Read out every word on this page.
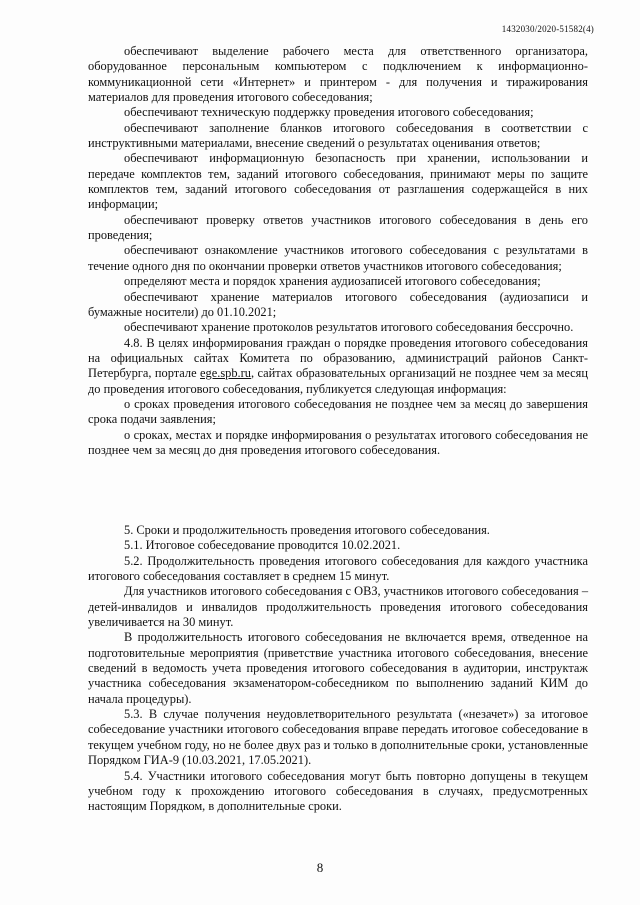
1432030/2020-51582(4)

обеспечивают выделение рабочего места для ответственного организатора, оборудованное персональным компьютером с подключением к информационно-коммуникационной сети «Интернет» и принтером - для получения и тиражирования материалов для проведения итогового собеседования;

обеспечивают техническую поддержку проведения итогового собеседования;

обеспечивают заполнение бланков итогового собеседования в соответствии с инструктивными материалами, внесение сведений о результатах оценивания ответов;

обеспечивают информационную безопасность при хранении, использовании и передаче комплектов тем, заданий итогового собеседования, принимают меры по защите комплектов тем, заданий итогового собеседования от разглашения содержащейся в них информации;

обеспечивают проверку ответов участников итогового собеседования в день его проведения;

обеспечивают ознакомление участников итогового собеседования с результатами в течение одного дня по окончании проверки ответов участников итогового собеседования;

определяют места и порядок хранения аудиозаписей итогового собеседования;

обеспечивают хранение материалов итогового собеседования (аудиозаписи и бумажные носители) до 01.10.2021;

обеспечивают хранение протоколов результатов итогового собеседования бессрочно.

4.8. В целях информирования граждан о порядке проведения итогового собеседования на официальных сайтах Комитета по образованию, администраций районов Санкт-Петербурга, портале ege.spb.ru, сайтах образовательных организаций не позднее чем за месяц до проведения итогового собеседования, публикуется следующая информация:

о сроках проведения итогового собеседования не позднее чем за месяц до завершения срока подачи заявления;

о сроках, местах и порядке информирования о результатах итогового собеседования не позднее чем за месяц до дня проведения итогового собеседования.

5. Сроки и продолжительность проведения итогового собеседования.

5.1. Итоговое собеседование проводится 10.02.2021.

5.2. Продолжительность проведения итогового собеседования для каждого участника итогового собеседования составляет в среднем 15 минут.

Для участников итогового собеседования с ОВЗ, участников итогового собеседования – детей-инвалидов и инвалидов продолжительность проведения итогового собеседования увеличивается на 30 минут.

В продолжительность итогового собеседования не включается время, отведенное на подготовительные мероприятия (приветствие участника итогового собеседования, внесение сведений в ведомость учета проведения итогового собеседования в аудитории, инструктаж участника собеседования экзаменатором-собеседником по выполнению заданий КИМ до начала процедуры).

5.3. В случае получения неудовлетворительного результата («незачет») за итоговое собеседование участники итогового собеседования вправе передать итоговое собеседование в текущем учебном году, но не более двух раз и только в дополнительные сроки, установленные Порядком ГИА-9 (10.03.2021, 17.05.2021).

5.4. Участники итогового собеседования могут быть повторно допущены в текущем учебном году к прохождению итогового собеседования в случаях, предусмотренных настоящим Порядком, в дополнительные сроки.

8
